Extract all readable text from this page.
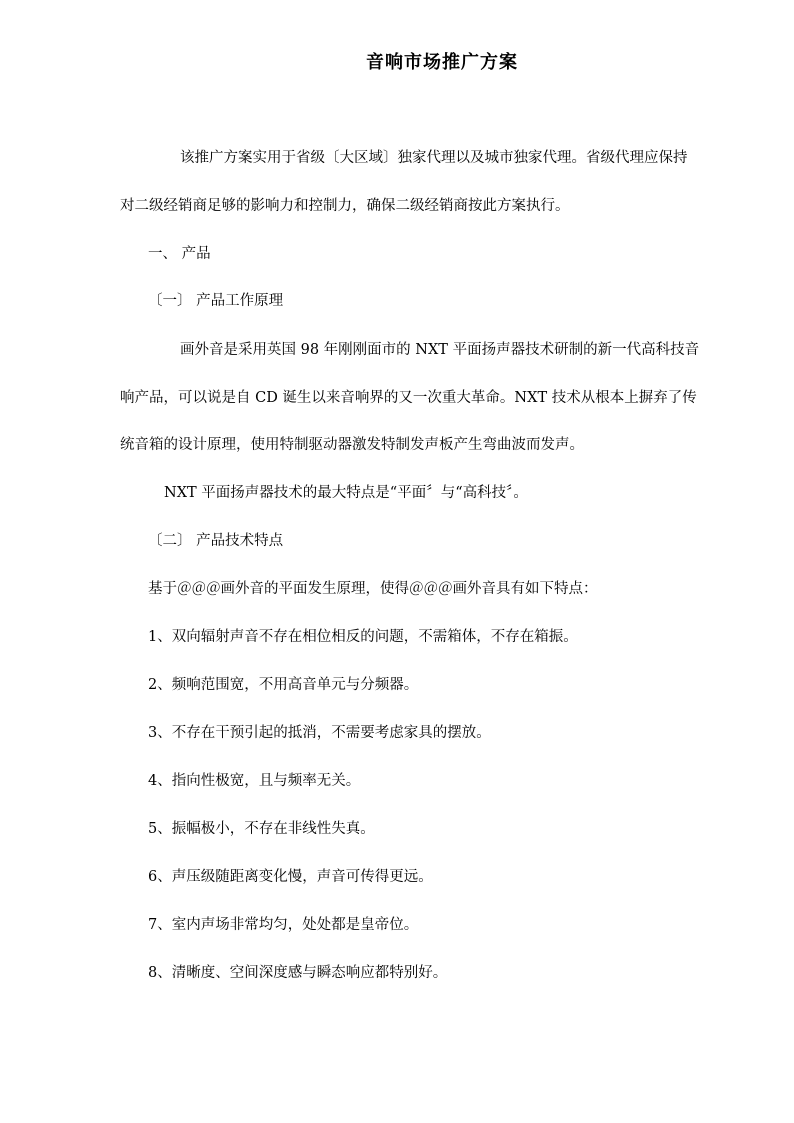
音响市场推广方案
该推广方案实用于省级〔大区域〕独家代理以及城市独家代理。省级代理应保持
对二级经销商足够的影响力和控制力，确保二级经销商按此方案执行。
一、 产品
〔一〕 产品工作原理
画外音是采用英国 98 年刚刚面市的 NXT 平面扬声器技术研制的新一代高科技音
响产品，可以说是自 CD 诞生以来音响界的又一次重大革命。NXT 技术从根本上摒弃了传
统音箱的设计原理，使用特制驱动器激发特制发声板产生弯曲波而发声。
NXT 平面扬声器技术的最大特点是“平面〞与“高科技〞。
〔二〕 产品技术特点
基于＠＠＠画外音的平面发生原理，使得＠＠＠画外音具有如下特点：
1、双向辐射声音不存在相位相反的问题，不需箱体，不存在箱振。
2、频响范围宽，不用高音单元与分频器。
3、不存在干预引起的抵消，不需要考虑家具的摆放。
4、指向性极宽，且与频率无关。
5、振幅极小，不存在非线性失真。
6、声压级随距离变化慢，声音可传得更远。
7、室内声场非常均匀，处处都是皇帝位。
8、清晰度、空间深度感与瞬态响应都特别好。
